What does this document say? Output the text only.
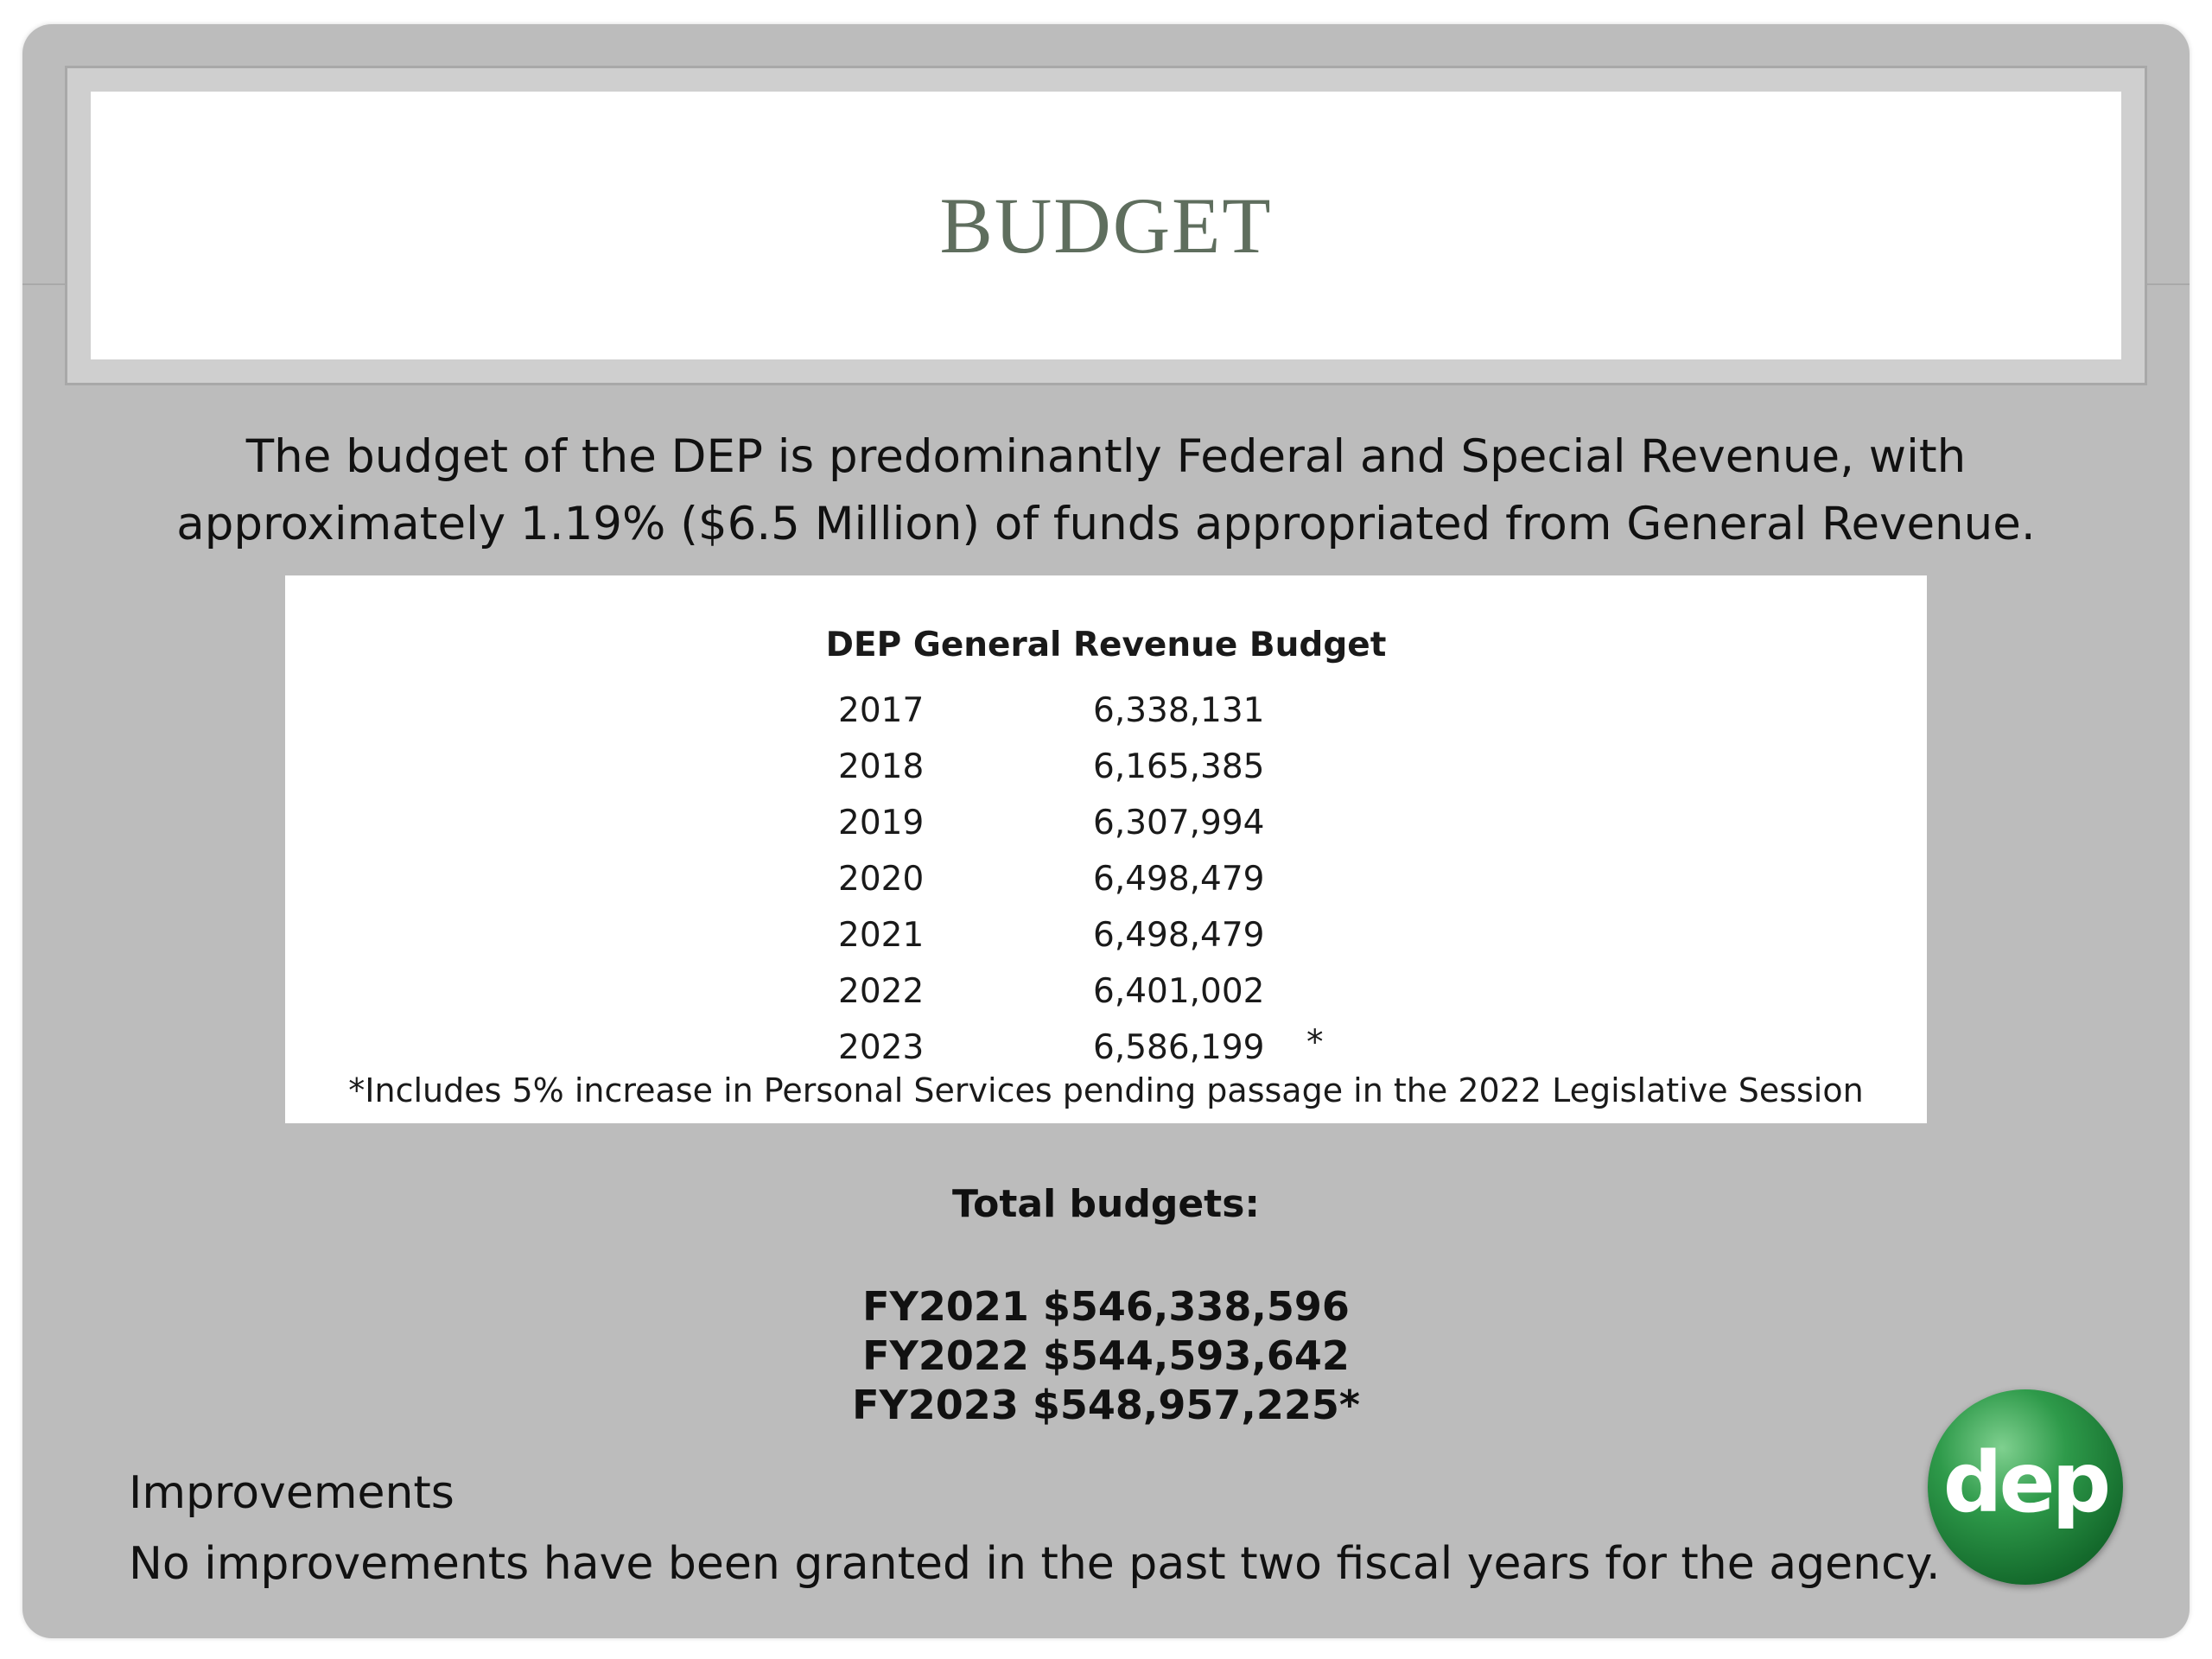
BUDGET
The budget of the DEP is predominantly Federal and Special Revenue, with
approximately 1.19% ($6.5 Million) of funds appropriated from General Revenue.
DEP General Revenue Budget
2017	6,338,131
2018	6,165,385
2019	6,307,994
2020	6,498,479
2021	6,498,479
2022	6,401,002
2023	6,586,199 *
*Includes 5% increase in Personal Services pending passage in the 2022 Legislative Session
Total budgets:
FY2021 $546,338,596
FY2022 $544,593,642
FY2023 $548,957,225*
Improvements
No improvements have been granted in the past two fiscal years for the agency.
dep
